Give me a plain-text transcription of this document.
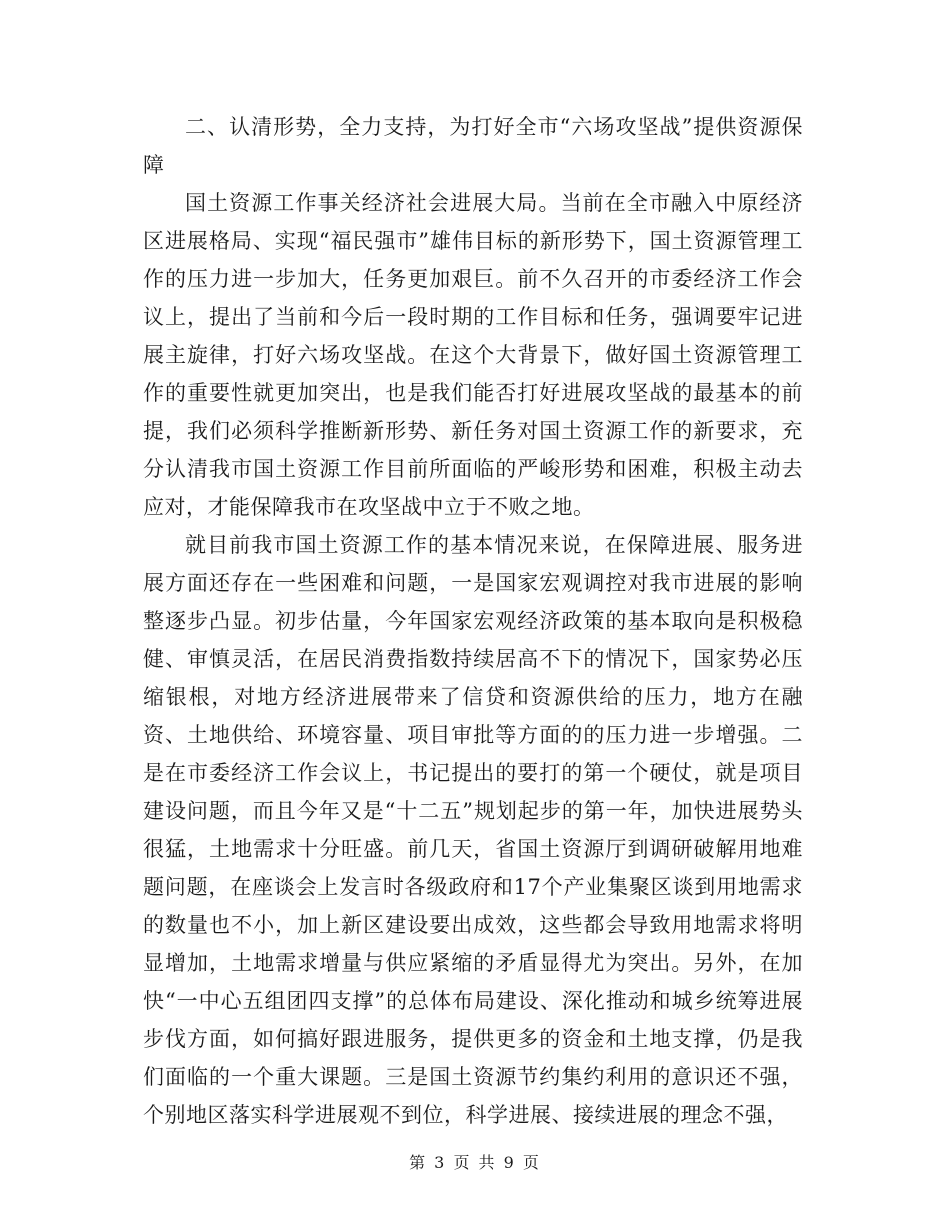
二、认清形势，全力支持，为打好全市“六场攻坚战”提供资源保障

国土资源工作事关经济社会进展大局。当前在全市融入中原经济区进展格局、实现“福民强市”雄伟目标的新形势下，国土资源管理工作的压力进一步加大，任务更加艰巨。前不久召开的市委经济工作会议上，提出了当前和今后一段时期的工作目标和任务，强调要牢记进展主旋律，打好六场攻坚战。在这个大背景下，做好国土资源管理工作的重要性就更加突出，也是我们能否打好进展攻坚战的最基本的前提，我们必须科学推断新形势、新任务对国土资源工作的新要求，充分认清我市国土资源工作目前所面临的严峻形势和困难，积极主动去应对，才能保障我市在攻坚战中立于不败之地。

就目前我市国土资源工作的基本情况来说，在保障进展、服务进展方面还存在一些困难和问题，一是国家宏观调控对我市进展的影响整逐步凸显。初步估量，今年国家宏观经济政策的基本取向是积极稳健、审慎灵活，在居民消费指数持续居高不下的情况下，国家势必压缩银根，对地方经济进展带来了信贷和资源供给的压力，地方在融资、土地供给、环境容量、项目审批等方面的的压力进一步增强。二是在市委经济工作会议上，书记提出的要打的第一个硬仗，就是项目建设问题，而且今年又是“十二五”规划起步的第一年，加快进展势头很猛，土地需求十分旺盛。前几天，省国土资源厅到调研破解用地难题问题，在座谈会上发言时各级政府和17个产业集聚区谈到用地需求的数量也不小，加上新区建设要出成效，这些都会导致用地需求将明显增加，土地需求增量与供应紧缩的矛盾显得尤为突出。另外，在加快“一中心五组团四支撑”的总体布局建设、深化推动和城乡统筹进展步伐方面，如何搞好跟进服务，提供更多的资金和土地支撑，仍是我们面临的一个重大课题。三是国土资源节约集约利用的意识还不强，个别地区落实科学进展观不到位，科学进展、接续进展的理念不强，

第 3 页 共 9 页
